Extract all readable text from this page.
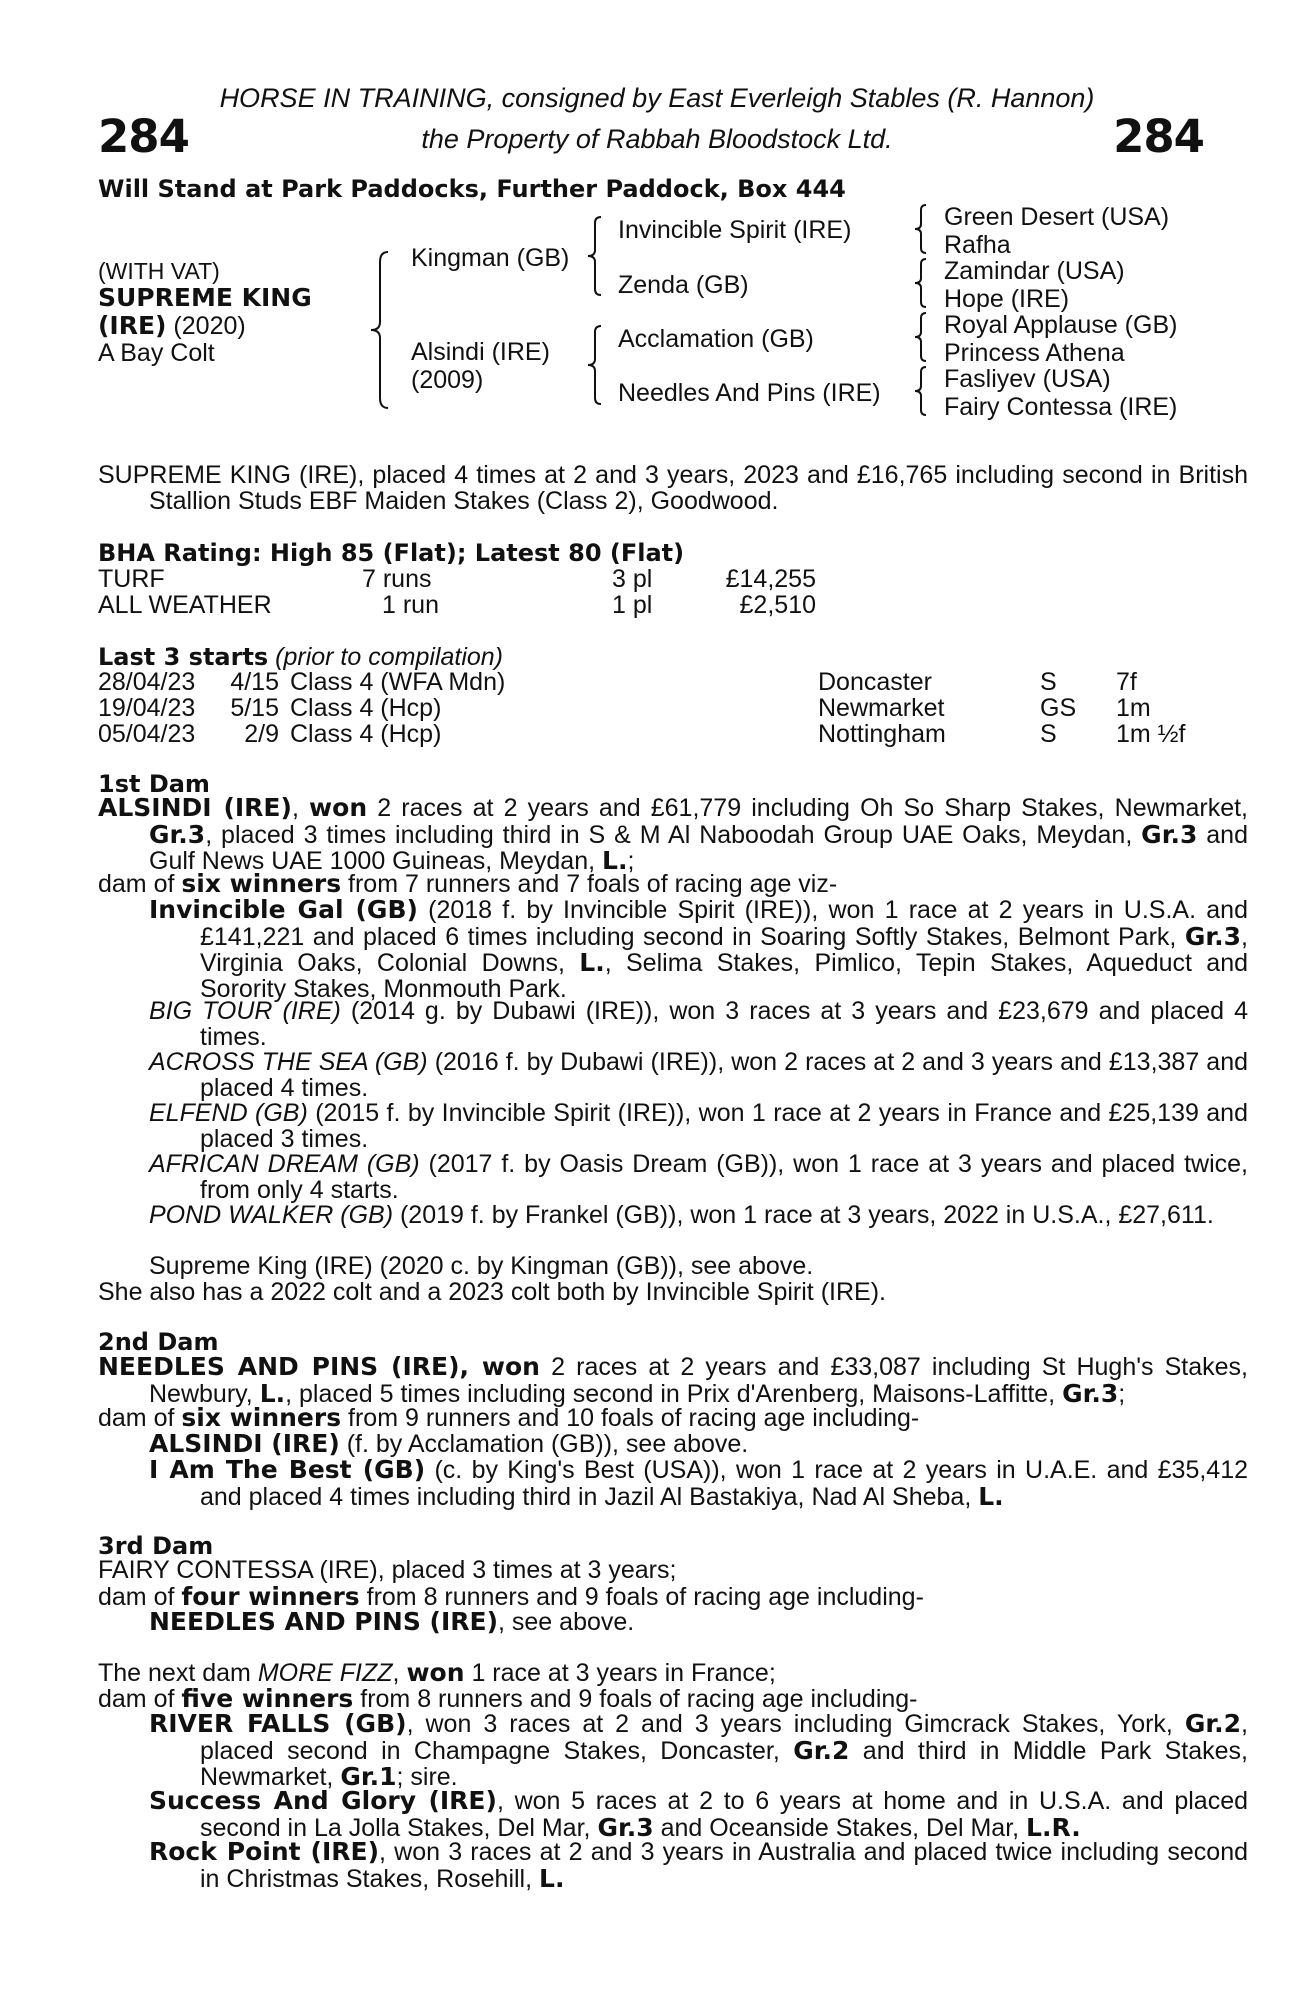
284	284
HORSE IN TRAINING, consigned by East Everleigh Stables (R. Hannon)
the Property of Rabbah Bloodstock Ltd.
Will Stand at Park Paddocks, Further Paddock, Box 444
(WITH VAT)
SUPREME KING
(IRE) (2020)
A Bay Colt
Kingman (GB)
Alsindi (IRE)
(2009)
Invincible Spirit (IRE)
Zenda (GB)
Acclamation (GB)
Needles And Pins (IRE)
Green Desert (USA)
Rafha
Zamindar (USA)
Hope (IRE)
Royal Applause (GB)
Princess Athena
Fasliyev (USA)
Fairy Contessa (IRE)
SUPREME KING (IRE), placed 4 times at 2 and 3 years, 2023 and £16,765 including second in British Stallion Studs EBF Maiden Stakes (Class 2), Goodwood.
BHA Rating: High 85 (Flat); Latest 80 (Flat)
TURF	7 runs	3 pl	£14,255
ALL WEATHER	1 run	1 pl	£2,510
Last 3 starts (prior to compilation)
28/04/23	4/15 Class 4 (WFA Mdn)	Doncaster	S 7f
19/04/23	5/15 Class 4 (Hcp)	Newmarket	GS 1m
05/04/23	2/9 Class 4 (Hcp)	Nottingham	S 1m ½f
1st Dam
ALSINDI (IRE), won 2 races at 2 years and £61,779 including Oh So Sharp Stakes, Newmarket, Gr.3, placed 3 times including third in S & M Al Naboodah Group UAE Oaks, Meydan, Gr.3 and Gulf News UAE 1000 Guineas, Meydan, L.;
dam of six winners from 7 runners and 7 foals of racing age viz-
Invincible Gal (GB) (2018 f. by Invincible Spirit (IRE)), won 1 race at 2 years in U.S.A. and £141,221 and placed 6 times including second in Soaring Softly Stakes, Belmont Park, Gr.3, Virginia Oaks, Colonial Downs, L., Selima Stakes, Pimlico, Tepin Stakes, Aqueduct and Sorority Stakes, Monmouth Park.
BIG TOUR (IRE) (2014 g. by Dubawi (IRE)), won 3 races at 3 years and £23,679 and placed 4 times.
ACROSS THE SEA (GB) (2016 f. by Dubawi (IRE)), won 2 races at 2 and 3 years and £13,387 and placed 4 times.
ELFEND (GB) (2015 f. by Invincible Spirit (IRE)), won 1 race at 2 years in France and £25,139 and placed 3 times.
AFRICAN DREAM (GB) (2017 f. by Oasis Dream (GB)), won 1 race at 3 years and placed twice, from only 4 starts.
POND WALKER (GB) (2019 f. by Frankel (GB)), won 1 race at 3 years, 2022 in U.S.A., £27,611.
Supreme King (IRE) (2020 c. by Kingman (GB)), see above.
She also has a 2022 colt and a 2023 colt both by Invincible Spirit (IRE).
2nd Dam
NEEDLES AND PINS (IRE), won 2 races at 2 years and £33,087 including St Hugh's Stakes, Newbury, L., placed 5 times including second in Prix d'Arenberg, Maisons-Laffitte, Gr.3;
dam of six winners from 9 runners and 10 foals of racing age including-
ALSINDI (IRE) (f. by Acclamation (GB)), see above.
I Am The Best (GB) (c. by King's Best (USA)), won 1 race at 2 years in U.A.E. and £35,412 and placed 4 times including third in Jazil Al Bastakiya, Nad Al Sheba, L.
3rd Dam
FAIRY CONTESSA (IRE), placed 3 times at 3 years;
dam of four winners from 8 runners and 9 foals of racing age including-
NEEDLES AND PINS (IRE), see above.
The next dam MORE FIZZ, won 1 race at 3 years in France;
dam of five winners from 8 runners and 9 foals of racing age including-
RIVER FALLS (GB), won 3 races at 2 and 3 years including Gimcrack Stakes, York, Gr.2, placed second in Champagne Stakes, Doncaster, Gr.2 and third in Middle Park Stakes, Newmarket, Gr.1; sire.
Success And Glory (IRE), won 5 races at 2 to 6 years at home and in U.S.A. and placed second in La Jolla Stakes, Del Mar, Gr.3 and Oceanside Stakes, Del Mar, L.R.
Rock Point (IRE), won 3 races at 2 and 3 years in Australia and placed twice including second in Christmas Stakes, Rosehill, L.
